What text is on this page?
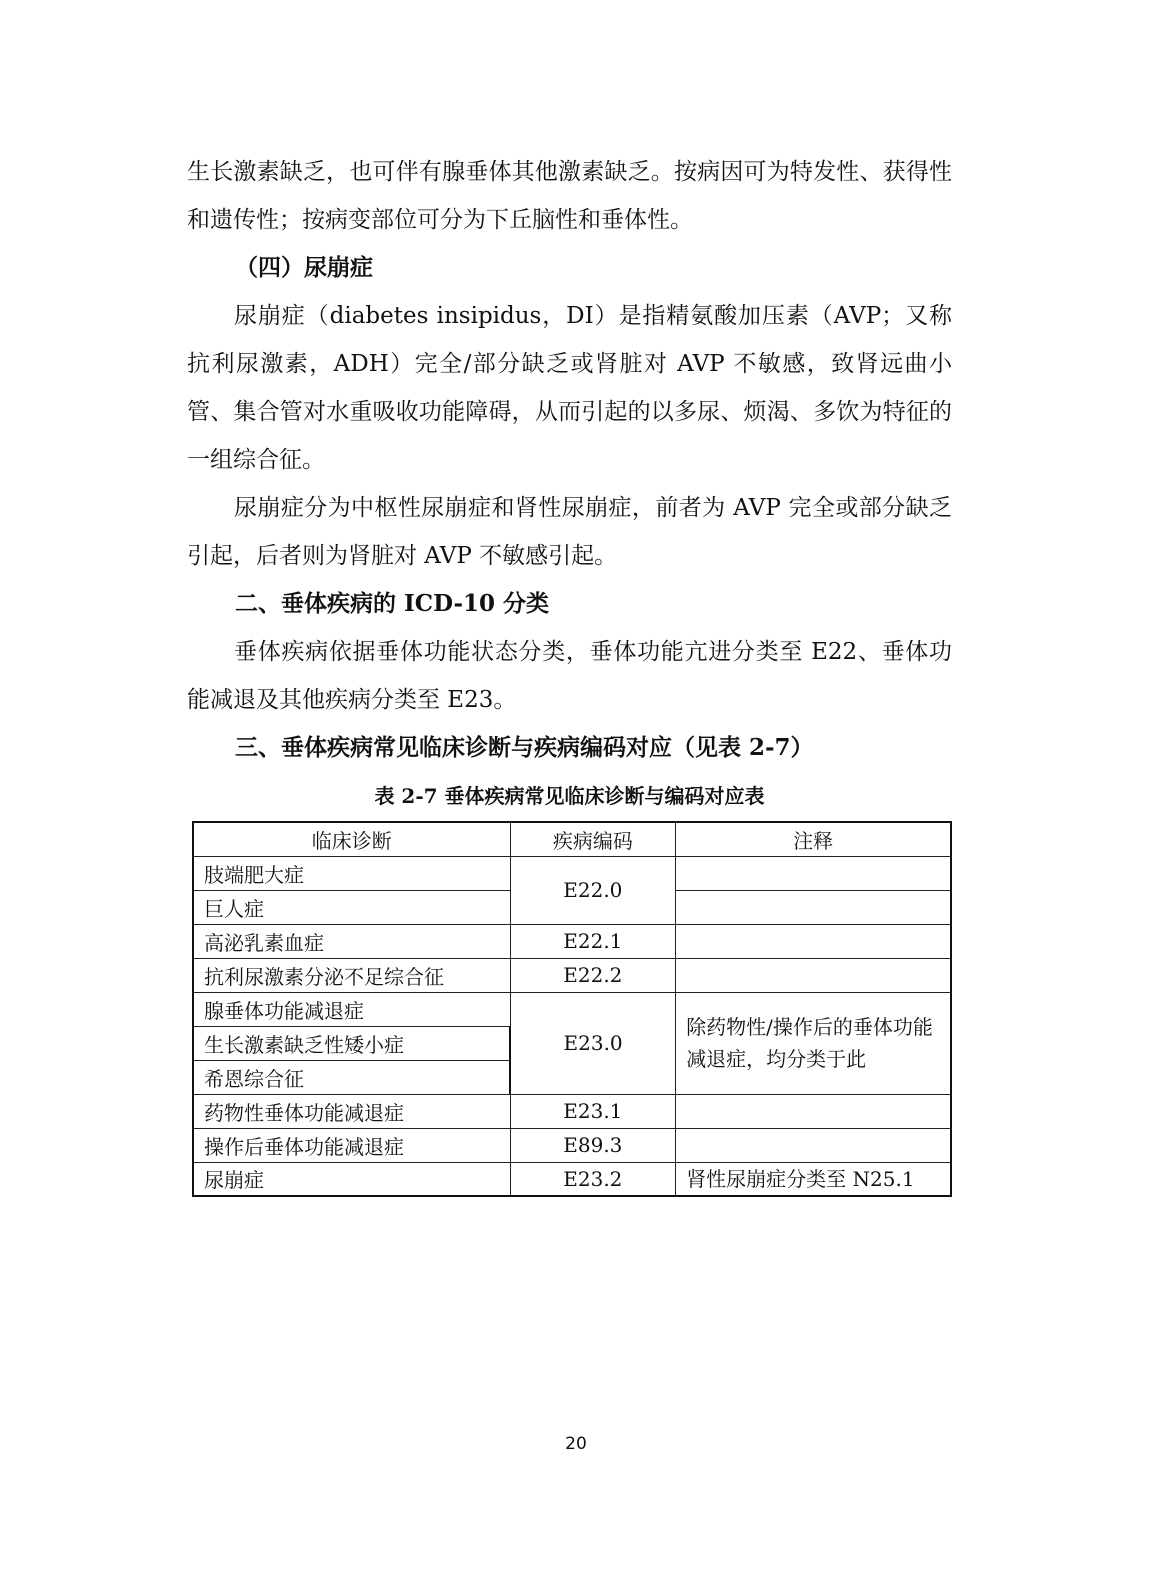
生长激素缺乏，也可伴有腺垂体其他激素缺乏。按病因可为特发性、获得性和遗传性；按病变部位可分为下丘脑性和垂体性。

（四）尿崩症

尿崩症（diabetes insipidus，DI）是指精氨酸加压素（AVP；又称抗利尿激素，ADH）完全/部分缺乏或肾脏对 AVP 不敏感，致肾远曲小管、集合管对水重吸收功能障碍，从而引起的以多尿、烦渴、多饮为特征的一组综合征。

尿崩症分为中枢性尿崩症和肾性尿崩症，前者为 AVP 完全或部分缺乏引起，后者则为肾脏对 AVP 不敏感引起。

二、垂体疾病的 ICD-10 分类

垂体疾病依据垂体功能状态分类，垂体功能亢进分类至 E22、垂体功能减退及其他疾病分类至 E23。

三、垂体疾病常见临床诊断与疾病编码对应（见表 2-7）

表 2-7 垂体疾病常见临床诊断与编码对应表
临床诊断	疾病编码	注释
肢端肥大症	E22.0	
巨人症		
高泌乳素血症	E22.1	
抗利尿激素分泌不足综合征	E22.2	
腺垂体功能减退症	E23.0	除药物性/操作后的垂体功能减退症，均分类于此
生长激素缺乏性矮小症		
希恩综合征		
药物性垂体功能减退症	E23.1	
操作后垂体功能减退症	E89.3	
尿崩症	E23.2	肾性尿崩症分类至 N25.1
20
